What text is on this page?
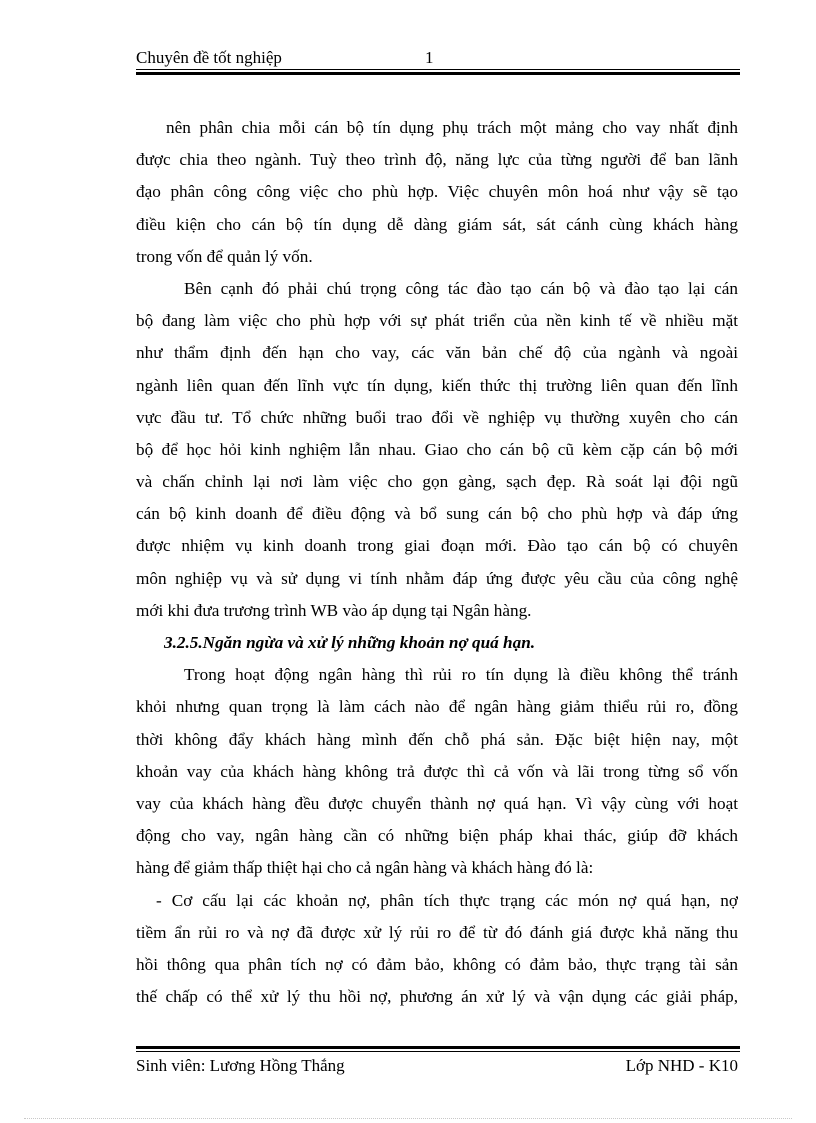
Chuyên đề tốt nghiệp	1
nên phân chia mỗi cán bộ tín dụng phụ trách một mảng cho vay nhất định
được chia theo ngành. Tuỳ theo trình độ, năng lực của từng người để ban lãnh
đạo phân công công việc cho phù hợp. Việc chuyên môn hoá như vậy sẽ tạo
điều kiện cho cán bộ tín dụng dễ dàng giám sát, sát cánh cùng khách hàng
trong vốn để quản lý vốn.
Bên cạnh đó phải chú trọng công tác đào tạo cán bộ và đào tạo lại cán
bộ đang làm việc cho phù hợp với sự phát triển của nền kinh tế về nhiều mặt
như thẩm định đến hạn cho vay, các văn bản chế độ của ngành và ngoài
ngành liên quan đến lĩnh vực tín dụng, kiến thức thị trường liên quan đến lĩnh
vực đầu tư. Tổ chức những buổi trao đổi về nghiệp vụ thường xuyên cho cán
bộ để học hỏi kinh nghiệm lẫn nhau. Giao cho cán bộ cũ kèm cặp cán bộ mới
và chấn chỉnh lại nơi làm việc cho gọn gàng, sạch đẹp. Rà soát lại đội ngũ
cán bộ kinh doanh để điều động và bổ sung cán bộ cho phù hợp và đáp ứng
được nhiệm vụ kinh doanh trong giai đoạn mới. Đào tạo cán bộ có chuyên
môn nghiệp vụ và sử dụng vi tính nhằm đáp ứng được yêu cầu của công nghệ
mới khi đưa trương trình WB vào áp dụng tại Ngân hàng.
3.2.5.Ngăn ngừa và xử lý những khoản nợ quá hạn.
Trong hoạt động ngân hàng thì rủi ro tín dụng là điều không thể tránh
khỏi nhưng quan trọng là làm cách nào để ngân hàng giảm thiểu rủi ro, đồng
thời không đẩy khách hàng mình đến chỗ phá sản. Đặc biệt hiện nay, một
khoản vay của khách hàng không trả được thì cả vốn và lãi trong từng sổ vốn
vay của khách hàng đều được chuyển thành nợ quá hạn. Vì vậy cùng với hoạt
động cho vay, ngân hàng cần có những biện pháp khai thác, giúp đỡ khách
hàng để giảm thấp thiệt hại cho cả ngân hàng và khách hàng đó là:
- Cơ cấu lại các khoản nợ, phân tích thực trạng các món nợ quá hạn, nợ
tiềm ẩn rủi ro và nợ đã được xử lý rủi ro để từ đó đánh giá được khả năng thu
hồi thông qua phân tích nợ có đảm bảo, không có đảm bảo, thực trạng tài sản
thế chấp có thể xử lý thu hồi nợ, phương án xử lý và vận dụng các giải pháp,
Sinh viên: Lương Hồng Thắng	Lớp NHD - K10
